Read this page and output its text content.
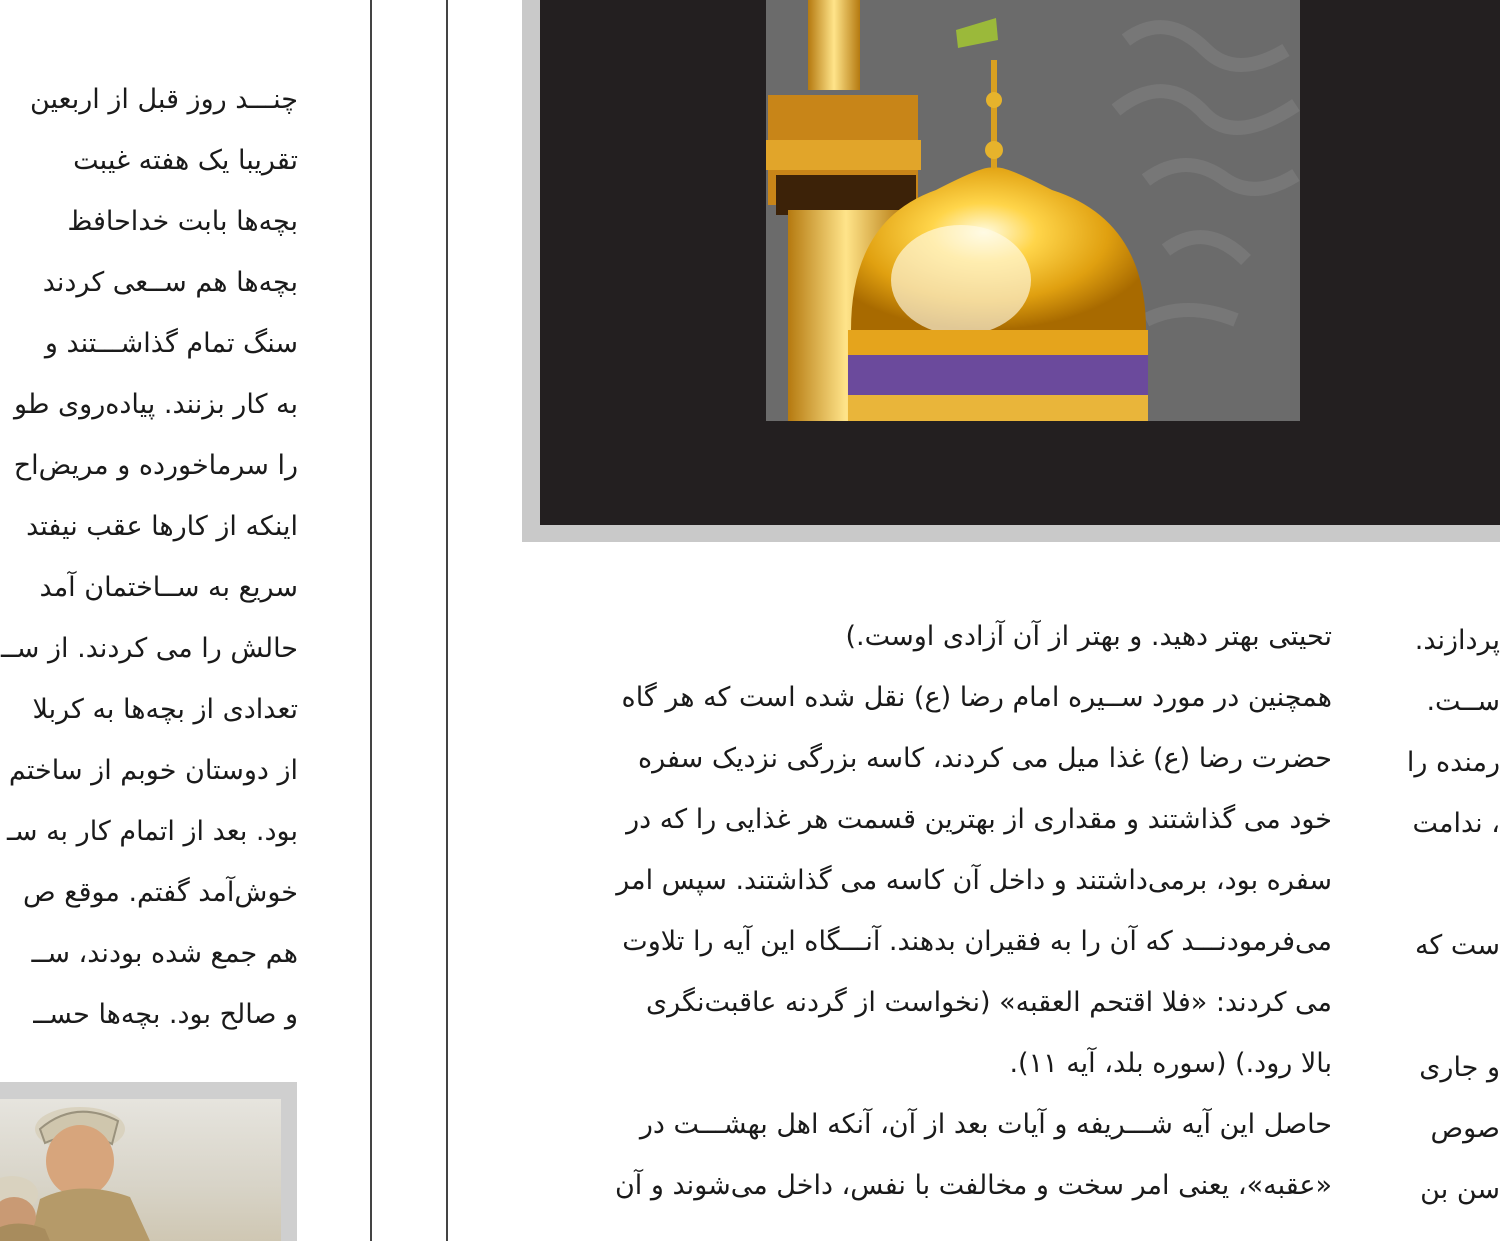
چنـــد روز قبل از اربعین
تقریبا یک هفته غیبت
بچه‌ها بابت خداحافظ
بچه‌ها هم ســعی کردند
سنگ تمام گذاشـــتند و
به کار بزنند. پیاده‌روی طو
را سرماخورده و مریض‌اح
اینکه از کارها عقب نیفتد
سریع به ســاختمان آمد
حالش را می کردند. از ســ
تعدادی از بچه‌ها به کربلا
از دوستان خوبم از ساختم
بود. بعد از اتمام کار به سـ
خوش‌آمد گفتم. موقع ص
هم جمع شده بودند، ســ
و صالح بود. بچه‌ها حســ
تحیتی بهتر دهید. و بهتر از آن آزادی اوست.)
همچنین در مورد ســیره امام رضا (ع) نقل شده است که هر گاه
حضرت رضا (ع) غذا میل می کردند، کاسه بزرگی نزدیک سفره
خود می گذاشتند و مقداری از بهترین قسمت هر غذایی را که در
سفره بود، برمی‌داشتند و داخل آن کاسه می گذاشتند. سپس امر
می‌فرمودنـــد که آن را به فقیران بدهند. آنـــگاه این آیه را تلاوت
می کردند: «فلا اقتحم العقبه» (نخواست از گردنه عاقبت‌نگری
بالا رود.) (سوره بلد، آیه ۱۱).
حاصل این آیه شـــریفه و آیات بعد از آن، آنکه اهل بهشـــت در
«عقبه»، یعنی امر سخت و مخالفت با نفس، داخل می‌شوند و آن
پردازند.
ســت.
رمنده را
، ندامت
ست که
و جاری
صوص
سن بن
